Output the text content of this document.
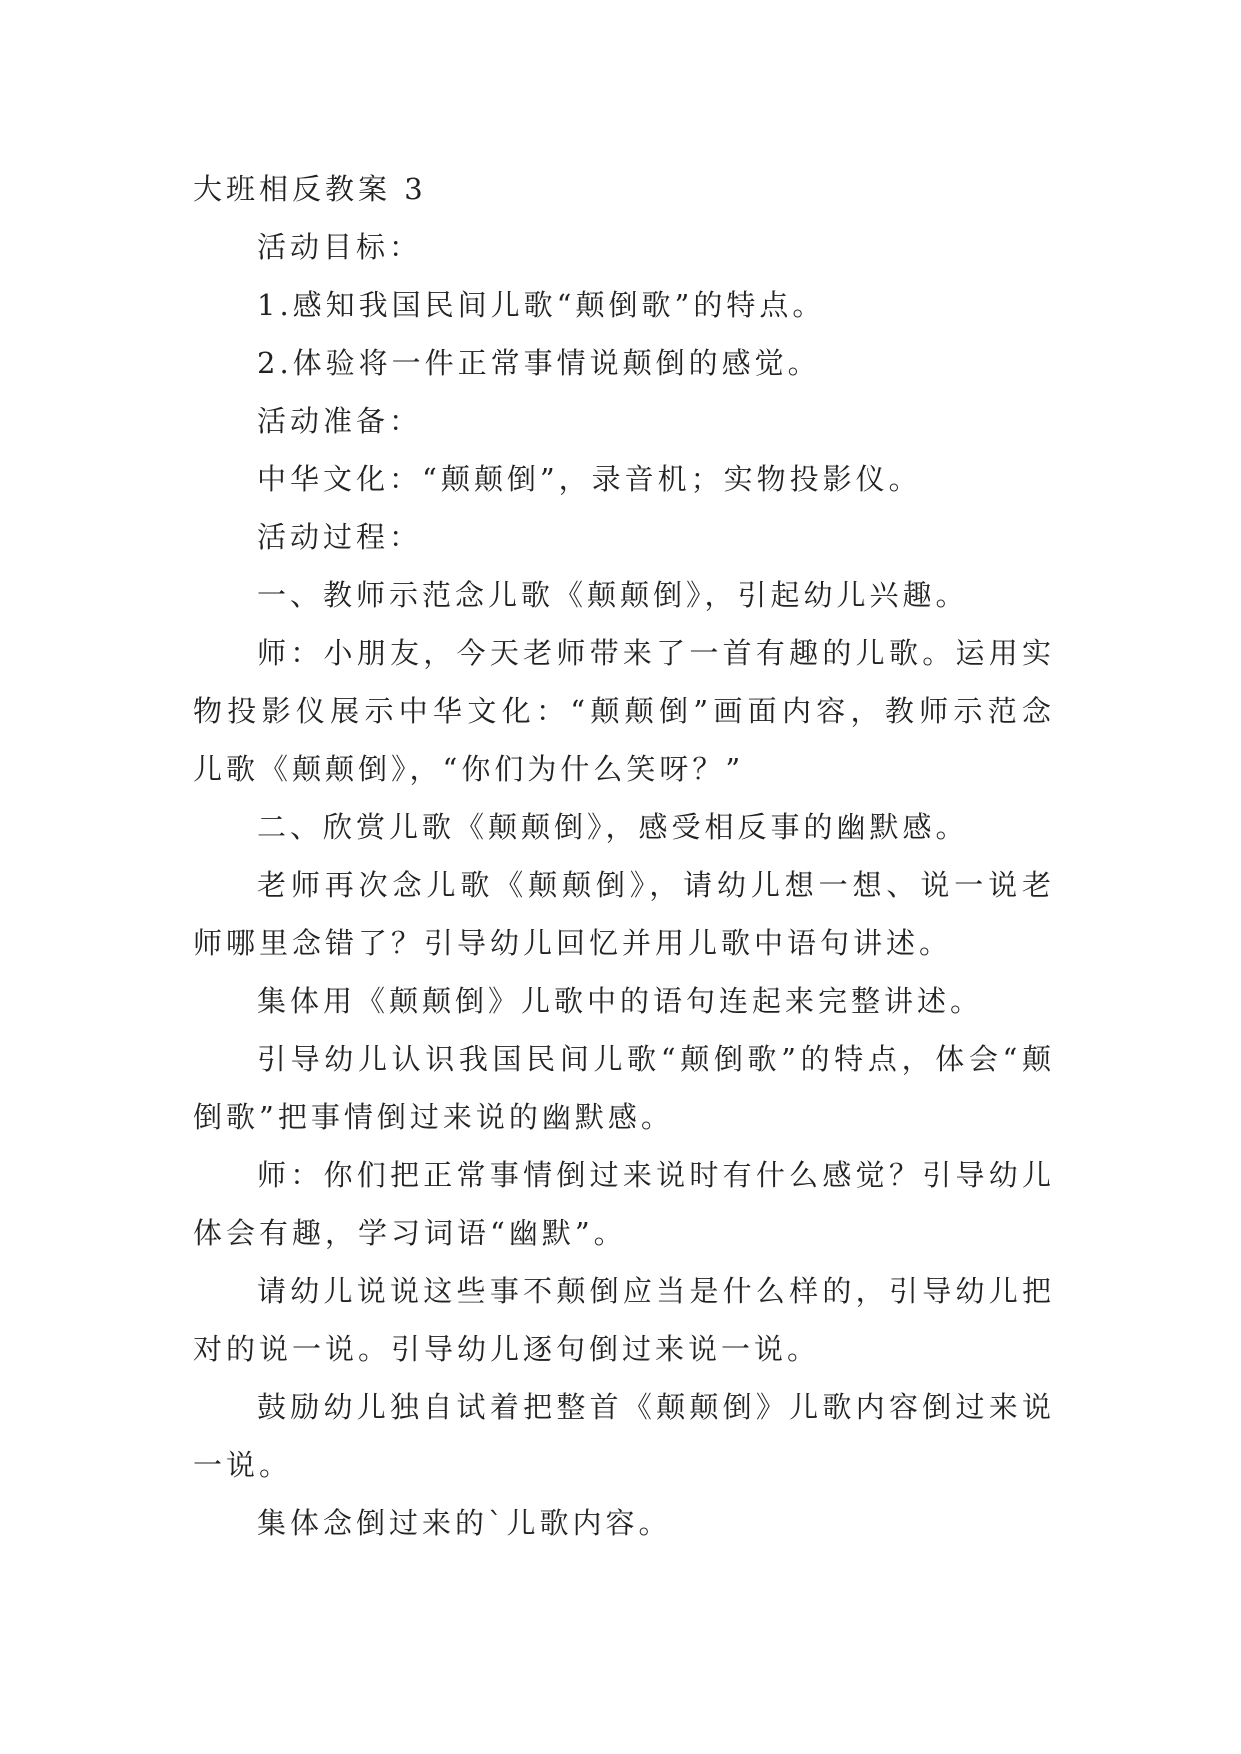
大班相反教案 3

活动目标：

1.感知我国民间儿歌“颠倒歌”的特点。

2.体验将一件正常事情说颠倒的感觉。

活动准备：

中华文化：“颠颠倒”，录音机；实物投影仪。

活动过程：

一、教师示范念儿歌《颠颠倒》，引起幼儿兴趣。

师：小朋友，今天老师带来了一首有趣的儿歌。运用实物投影仪展示中华文化：“颠颠倒”画面内容，教师示范念儿歌《颠颠倒》，“你们为什么笑呀？”

二、欣赏儿歌《颠颠倒》，感受相反事的幽默感。

老师再次念儿歌《颠颠倒》，请幼儿想一想、说一说老师哪里念错了？引导幼儿回忆并用儿歌中语句讲述。

集体用《颠颠倒》儿歌中的语句连起来完整讲述。

引导幼儿认识我国民间儿歌“颠倒歌”的特点，体会“颠倒歌”把事情倒过来说的幽默感。

师：你们把正常事情倒过来说时有什么感觉？引导幼儿体会有趣，学习词语“幽默”。

请幼儿说说这些事不颠倒应当是什么样的，引导幼儿把对的说一说。引导幼儿逐句倒过来说一说。

鼓励幼儿独自试着把整首《颠颠倒》儿歌内容倒过来说一说。

集体念倒过来的`儿歌内容。
